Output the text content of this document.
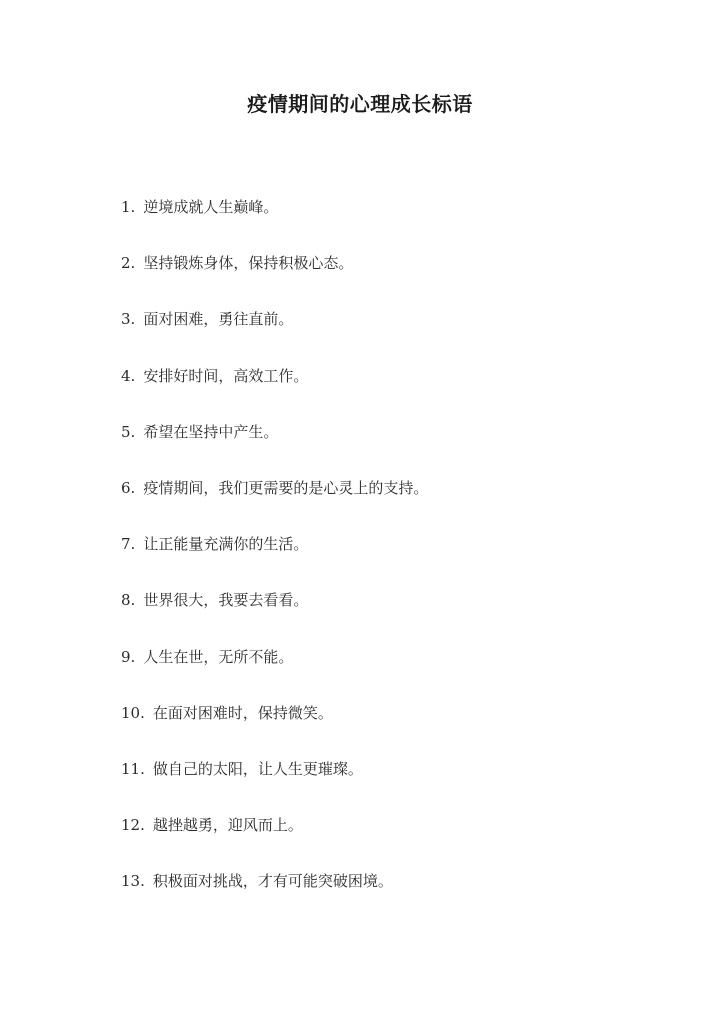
疫情期间的心理成长标语
1. 逆境成就人生巅峰。
2. 坚持锻炼身体，保持积极心态。
3. 面对困难，勇往直前。
4. 安排好时间，高效工作。
5. 希望在坚持中产生。
6. 疫情期间，我们更需要的是心灵上的支持。
7. 让正能量充满你的生活。
8. 世界很大，我要去看看。
9. 人生在世，无所不能。
10. 在面对困难时，保持微笑。
11. 做自己的太阳，让人生更璀璨。
12. 越挫越勇，迎风而上。
13. 积极面对挑战，才有可能突破困境。
